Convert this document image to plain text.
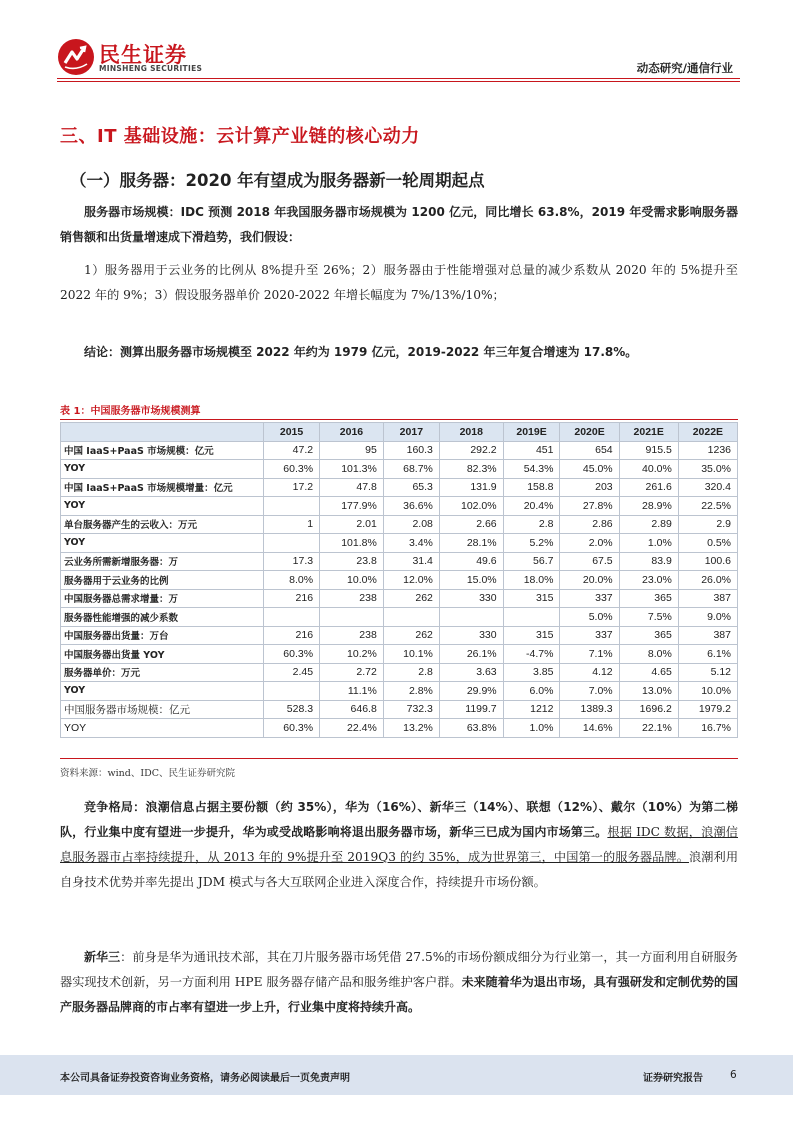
民生证券
MINSHENG SECURITIES	动态研究/通信行业
三、IT 基础设施：云计算产业链的核心动力
（一）服务器：2020 年有望成为服务器新一轮周期起点
服务器市场规模：IDC 预测 2018 年我国服务器市场规模为 1200 亿元，同比增长 63.8%，2019 年受需求影响服务器销售额和出货量增速成下滑趋势，我们假设：
1）服务器用于云业务的比例从 8%提升至 26%；2）服务器由于性能增强对总量的减少系数从 2020 年的 5%提升至 2022 年的 9%；3）假设服务器单价 2020-2022 年增长幅度为 7%/13%/10%；
结论：测算出服务器市场规模至 2022 年约为 1979 亿元，2019-2022 年三年复合增速为 17.8%。
表 1：中国服务器市场规模测算
	2015	2016	2017	2018	2019E	2020E	2021E	2022E
中国 IaaS+PaaS 市场规模：亿元	47.2	95	160.3	292.2	451	654	915.5	1236
YOY	60.3%	101.3%	68.7%	82.3%	54.3%	45.0%	40.0%	35.0%
中国 IaaS+PaaS 市场规模增量：亿元	17.2	47.8	65.3	131.9	158.8	203	261.6	320.4
YOY		177.9%	36.6%	102.0%	20.4%	27.8%	28.9%	22.5%
单台服务器产生的云收入：万元	1	2.01	2.08	2.66	2.8	2.86	2.89	2.9
YOY		101.8%	3.4%	28.1%	5.2%	2.0%	1.0%	0.5%
云业务所需新增服务器：万	17.3	23.8	31.4	49.6	56.7	67.5	83.9	100.6
服务器用于云业务的比例	8.0%	10.0%	12.0%	15.0%	18.0%	20.0%	23.0%	26.0%
中国服务器总需求增量：万	216	238	262	330	315	337	365	387
服务器性能增强的减少系数						5.0%	7.5%	9.0%
中国服务器出货量：万台	216	238	262	330	315	337	365	387
中国服务器出货量 YOY	60.3%	10.2%	10.1%	26.1%	-4.7%	7.1%	8.0%	6.1%
服务器单价：万元	2.45	2.72	2.8	3.63	3.85	4.12	4.65	5.12
YOY		11.1%	2.8%	29.9%	6.0%	7.0%	13.0%	10.0%
中国服务器市场规模：亿元	528.3	646.8	732.3	1199.7	1212	1389.3	1696.2	1979.2
YOY	60.3%	22.4%	13.2%	63.8%	1.0%	14.6%	22.1%	16.7%
资料来源：wind、IDC、民生证券研究院
竞争格局：浪潮信息占据主要份额（约 35%），华为（16%）、新华三（14%）、联想（12%）、戴尔（10%）为第二梯队，行业集中度有望进一步提升，华为或受战略影响将退出服务器市场，新华三已成为国内市场第三。根据 IDC 数据，浪潮信息服务器市占率持续提升，从 2013 年的 9%提升至 2019Q3 的约 35%，成为世界第三，中国第一的服务器品牌。浪潮利用自身技术优势并率先提出 JDM 模式与各大互联网企业进入深度合作，持续提升市场份额。
新华三：前身是华为通讯技术部，其在刀片服务器市场凭借 27.5%的市场份额成细分为行业第一，其一方面利用自研服务器实现技术创新，另一方面利用 HPE 服务器存储产品和服务维护客户群。未来随着华为退出市场，具有强研发和定制优势的国产服务器品牌商的市占率有望进一步上升，行业集中度将持续升高。
本公司具备证券投资咨询业务资格，请务必阅读最后一页免责声明	证券研究报告	6
